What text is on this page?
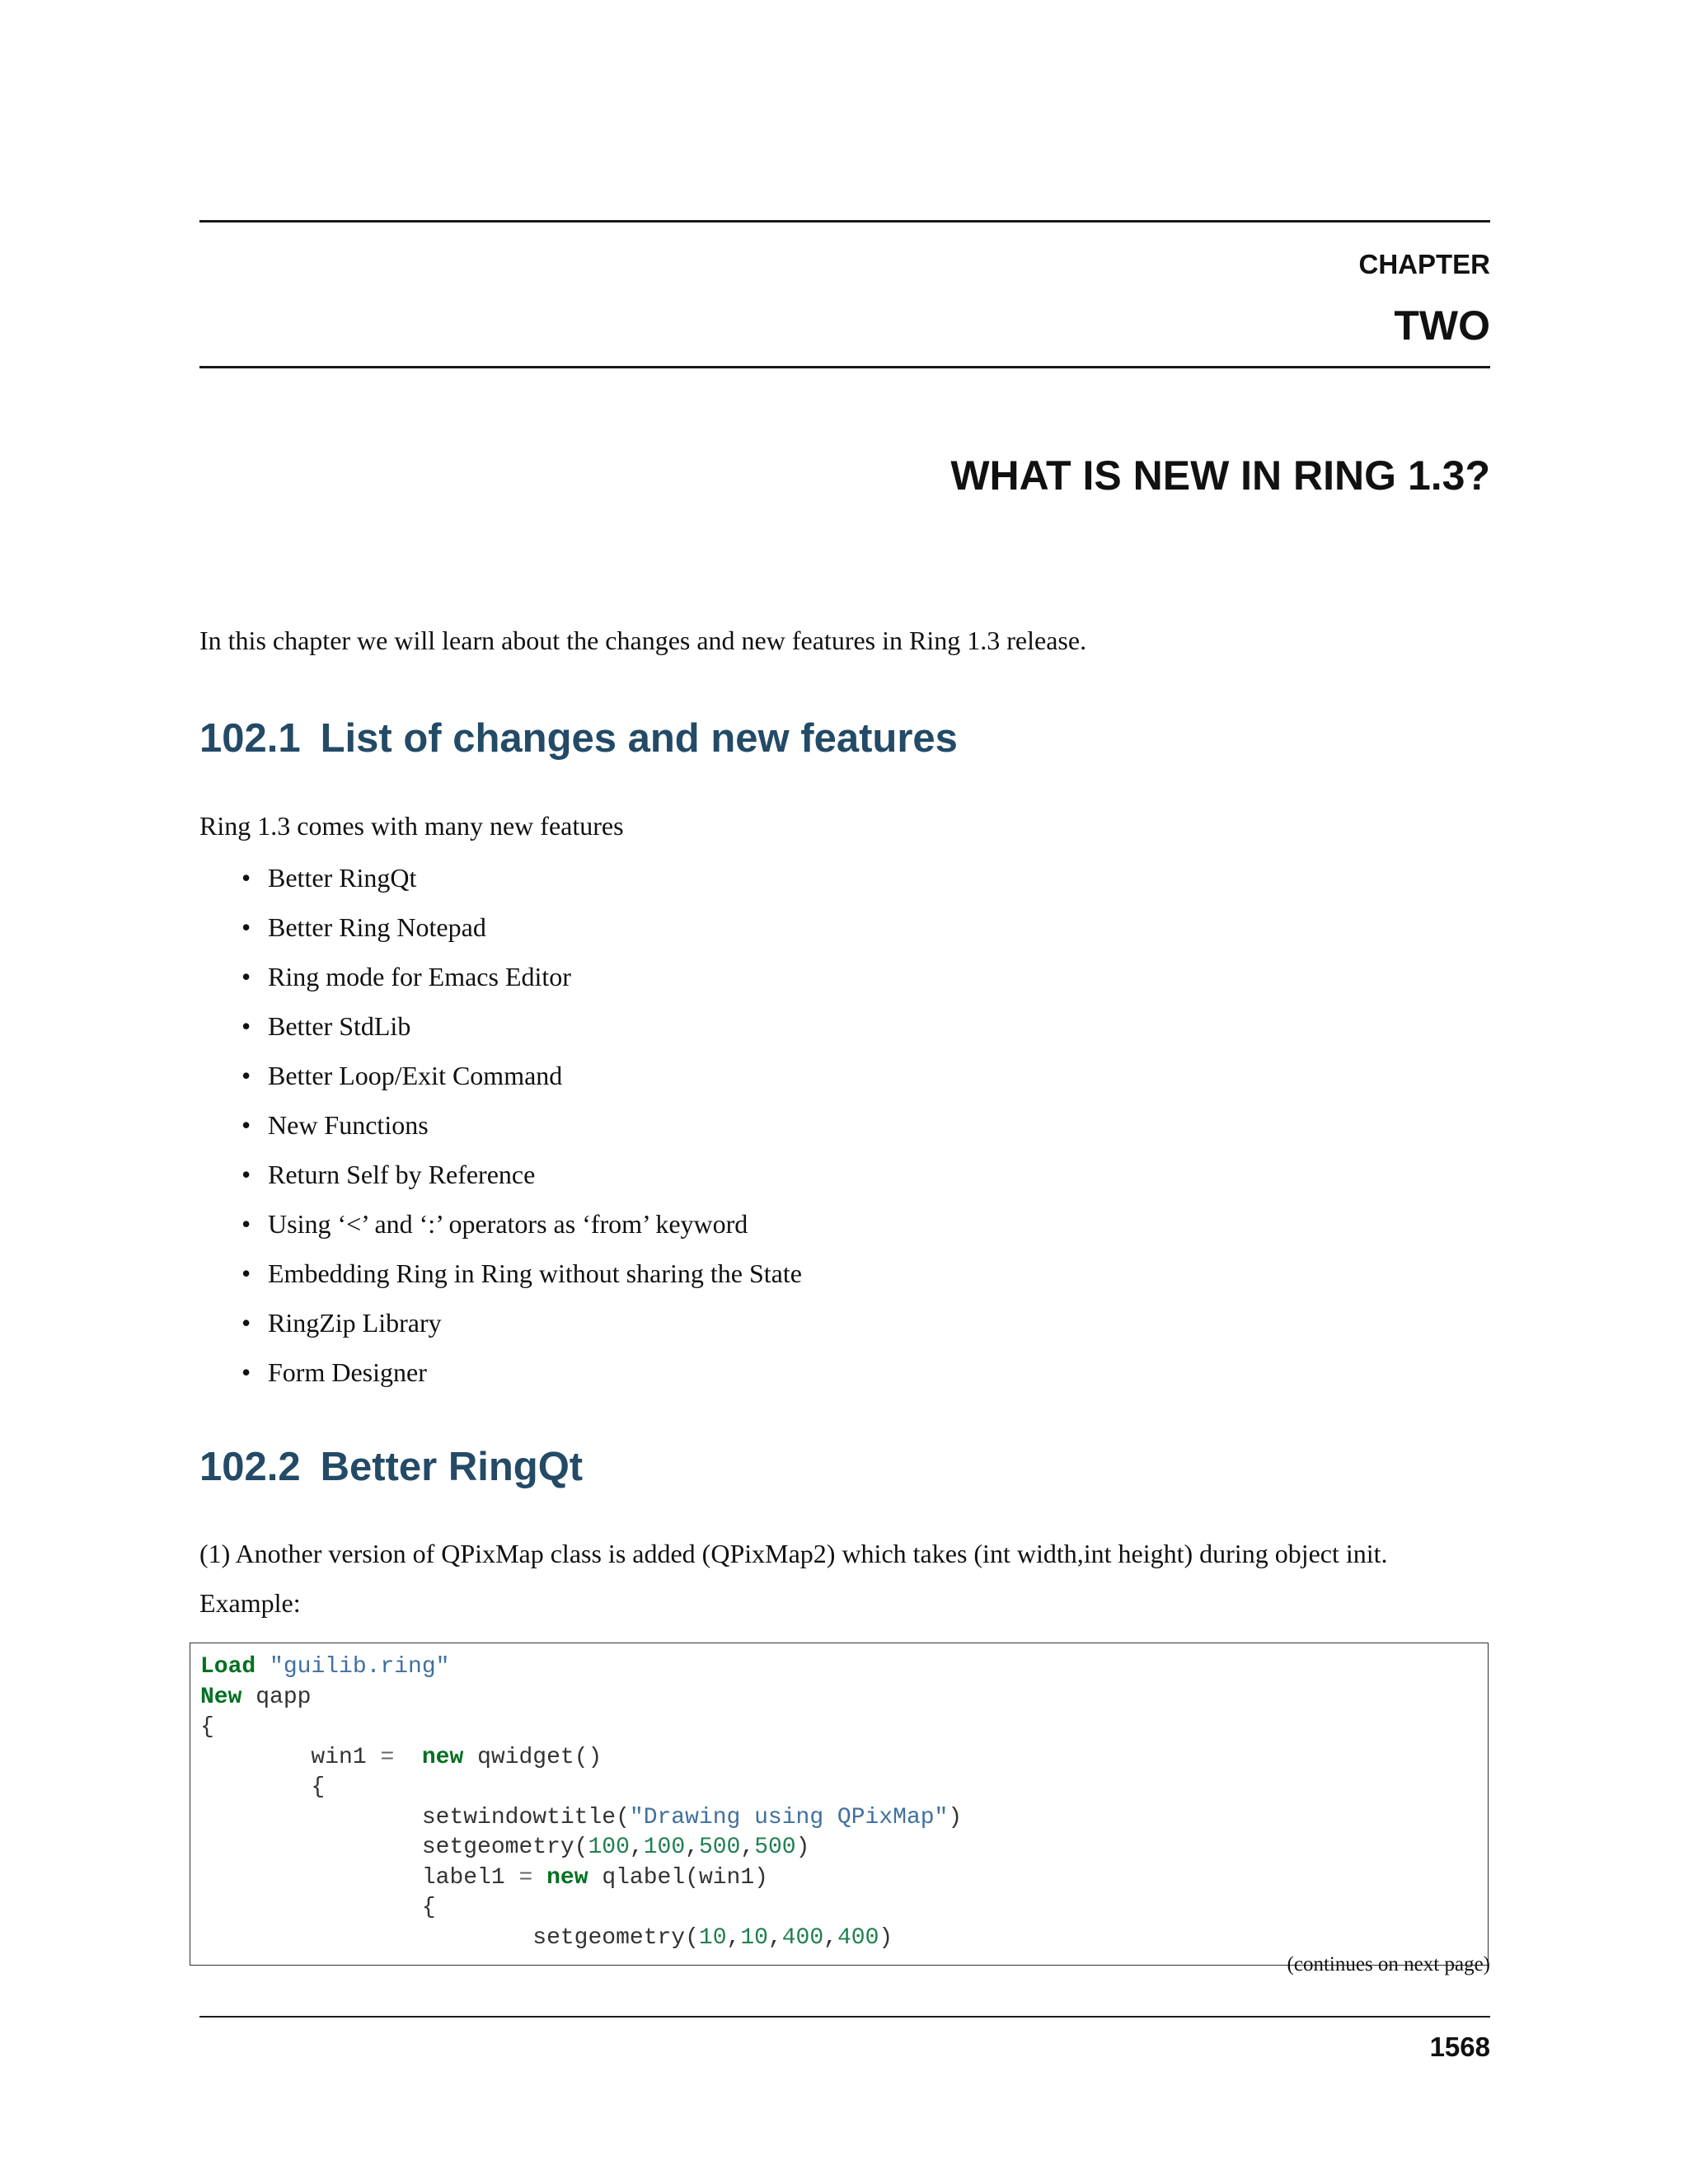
CHAPTER
TWO
WHAT IS NEW IN RING 1.3?
In this chapter we will learn about the changes and new features in Ring 1.3 release.
102.1 List of changes and new features
Ring 1.3 comes with many new features
• Better RingQt
• Better Ring Notepad
• Ring mode for Emacs Editor
• Better StdLib
• Better Loop/Exit Command
• New Functions
• Return Self by Reference
• Using ‘<’ and ‘:’ operators as ‘from’ keyword
• Embedding Ring in Ring without sharing the State
• RingZip Library
• Form Designer
102.2 Better RingQt
(1) Another version of QPixMap class is added (QPixMap2) which takes (int width,int height) during object init.
Example:
Load "guilib.ring"
New qapp
{
win1 = new qwidget()
{
setwindowtitle("Drawing using QPixMap")
setgeometry(100,100,500,500)
label1 = new qlabel(win1)
{
setgeometry(10,10,400,400)
(continues on next page)
1568
